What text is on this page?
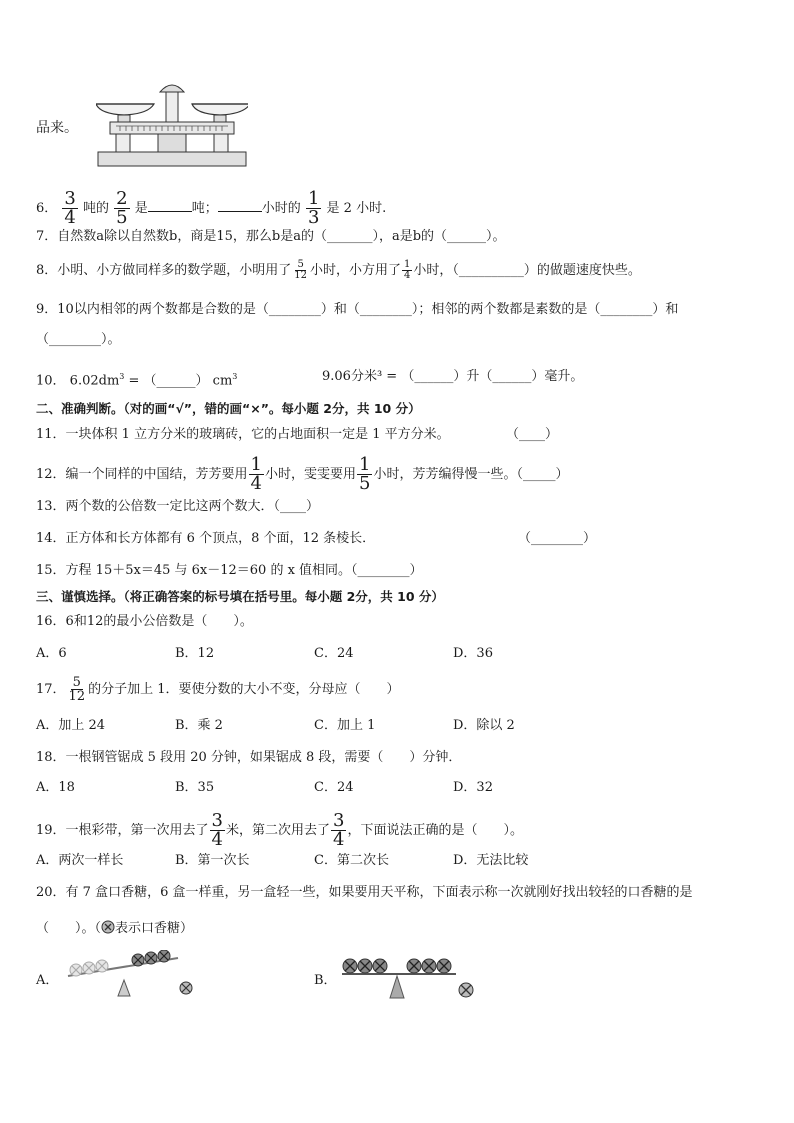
品来。
6． $\frac{3}{4}$ 吨的 $\frac{2}{5}$ 是	吨；	小时的 $\frac{1}{3}$ 是 2 小时.
7．自然数a除以自然数b，商是15，那么b是a的（_______），a是b的（______）。
8．小明、小方做同样多的数学题，小明用了 $\frac{5}{12}$ 小时，小方用了 $\frac{1}{4}$ 小时，（__________）的做题速度快些。
9．10以内相邻的两个数都是合数的是（________）和（________）；相邻的两个数都是素数的是（________）和
（________）。
10． $6.02dm^3$ = （______） $cm^3$	9.06分米³ = （______）升（______）毫升。
二、准确判断。（对的画“√”，错的画“×”。每小题 2分，共 10 分）
11．一块体积 1 立方分米的玻璃砖，它的占地面积一定是 1 平方分米。	（____）
12．编一个同样的中国结，芳芳要用 $\frac{1}{4}$ 小时，雯雯要用 $\frac{1}{5}$ 小时，芳芳编得慢一些。（_____）
13．两个数的公倍数一定比这两个数大．（____）
14．正方体和长方体都有 6 个顶点，8 个面，12 条棱长．	（________）
15．方程 15＋5x＝45 与 6x－12＝60 的 x 值相同。（________）
三、谨慎选择。（将正确答案的标号填在括号里。每小题 2分，共 10 分）
16．6和12的最小公倍数是（　　）。
A．6	B．12	C．24	D．36
17． $\frac{5}{12}$ 的分子加上 1．要使分数的大小不变，分母应（　　）
A．加上 24	B．乘 2	C．加上 1	D．除以 2
18．一根钢管锯成 5 段用 20 分钟，如果锯成 8 段，需要（　　）分钟．
A．18	B．35	C．24	D．32
19．一根彩带，第一次用去了 $\frac{3}{4}$ 米，第二次用去了 $\frac{3}{4}$ ，下面说法正确的是（　　）。
A．两次一样长	B．第一次长	C．第二次长	D．无法比较
20．有 7 盒口香糖，6 盒一样重，另一盒轻一些，如果要用天平称，下面表示称一次就刚好找出较轻的口香糖的是
（　　）。（ 表示口香糖）
A．	B．
